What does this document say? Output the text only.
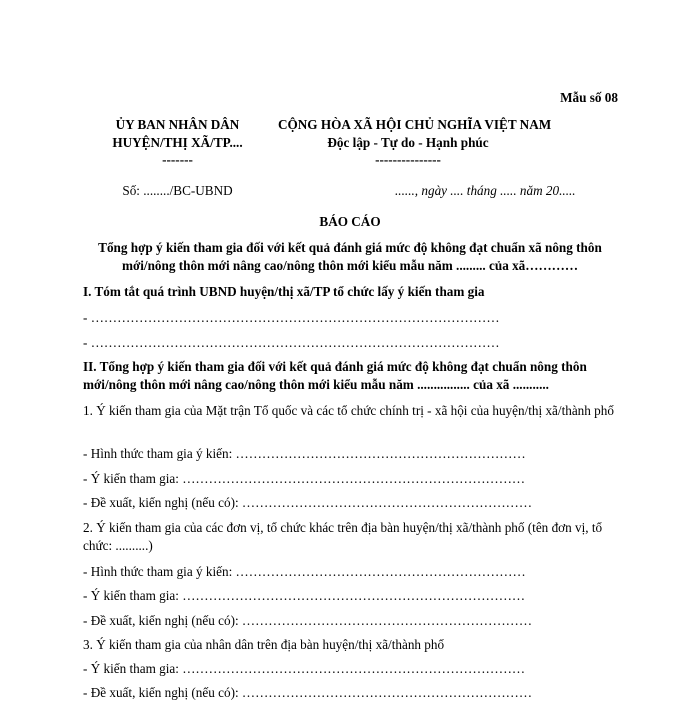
Mẫu số 08
ỦY BAN NHÂN DÂN
HUYỆN/THỊ XÃ/TP....
-------
Số: ......../BC-UBND
CỘNG HÒA XÃ HỘI CHỦ NGHĨA VIỆT NAM
Độc lập - Tự do - Hạnh phúc
---------------
......, ngày .... tháng ..... năm 20.....
BÁO CÁO
Tổng hợp ý kiến tham gia đối với kết quả đánh giá mức độ không đạt chuẩn xã nông thôn
mới/nông thôn mới nâng cao/nông thôn mới kiểu mẫu năm ......... của xã…………
I. Tóm tắt quá trình UBND huyện/thị xã/TP tổ chức lấy ý kiến tham gia
- …………………………………………………………………………………
- …………………………………………………………………………………
II. Tổng hợp ý kiến tham gia đối với kết quả đánh giá mức độ không đạt chuẩn nông thôn
mới/nông thôn mới nâng cao/nông thôn mới kiểu mẫu năm ................ của xã ...........
1. Ý kiến tham gia của Mặt trận Tổ quốc và các tổ chức chính trị - xã hội của huyện/thị xã/thành phố
- Hình thức tham gia ý kiến: …………………………………………………………
- Ý kiến tham gia: ……………………………………………………………………
- Đề xuất, kiến nghị (nếu có): …………………………………………………………
2. Ý kiến tham gia của các đơn vị, tổ chức khác trên địa bàn huyện/thị xã/thành phố (tên đơn vị, tổ chức: ..........)
- Hình thức tham gia ý kiến: …………………………………………………………
- Ý kiến tham gia: ……………………………………………………………………
- Đề xuất, kiến nghị (nếu có): …………………………………………………………
3. Ý kiến tham gia của nhân dân trên địa bàn huyện/thị xã/thành phố
- Ý kiến tham gia: ……………………………………………………………………
- Đề xuất, kiến nghị (nếu có): …………………………………………………………
